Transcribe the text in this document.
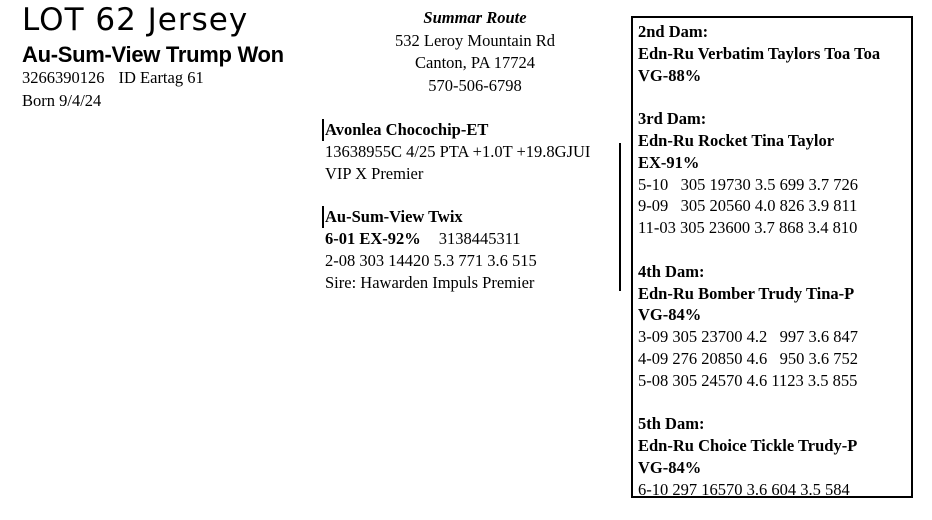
LOT 62 Jersey
Au-Sum-View Trump Won
3266390126 ID Eartag 61
Born 9/4/24
Summar Route
532 Leroy Mountain Rd
Canton, PA 17724
570-506-6798
Avonlea Chocochip-ET
13638955C 4/25 PTA +1.0T +19.8GJUI
VIP X Premier
Au-Sum-View Twix
6-01 EX-92% 3138445311
2-08 303 14420 5.3 771 3.6 515
Sire: Hawarden Impuls Premier
2nd Dam:
Edn-Ru Verbatim Taylors Toa Toa
VG-88%
3rd Dam:
Edn-Ru Rocket Tina Taylor
EX-91%
5-10   305 19730 3.5 699 3.7 726
9-09   305 20560 4.0 826 3.9 811
11-03 305 23600 3.7 868 3.4 810
4th Dam:
Edn-Ru Bomber Trudy Tina-P
VG-84%
3-09 305 23700 4.2   997 3.6 847
4-09 276 20850 4.6   950 3.6 752
5-08 305 24570 4.6 1123 3.5 855
5th Dam:
Edn-Ru Choice Tickle Trudy-P
VG-84%
6-10 297 16570 3.6 604 3.5 584
